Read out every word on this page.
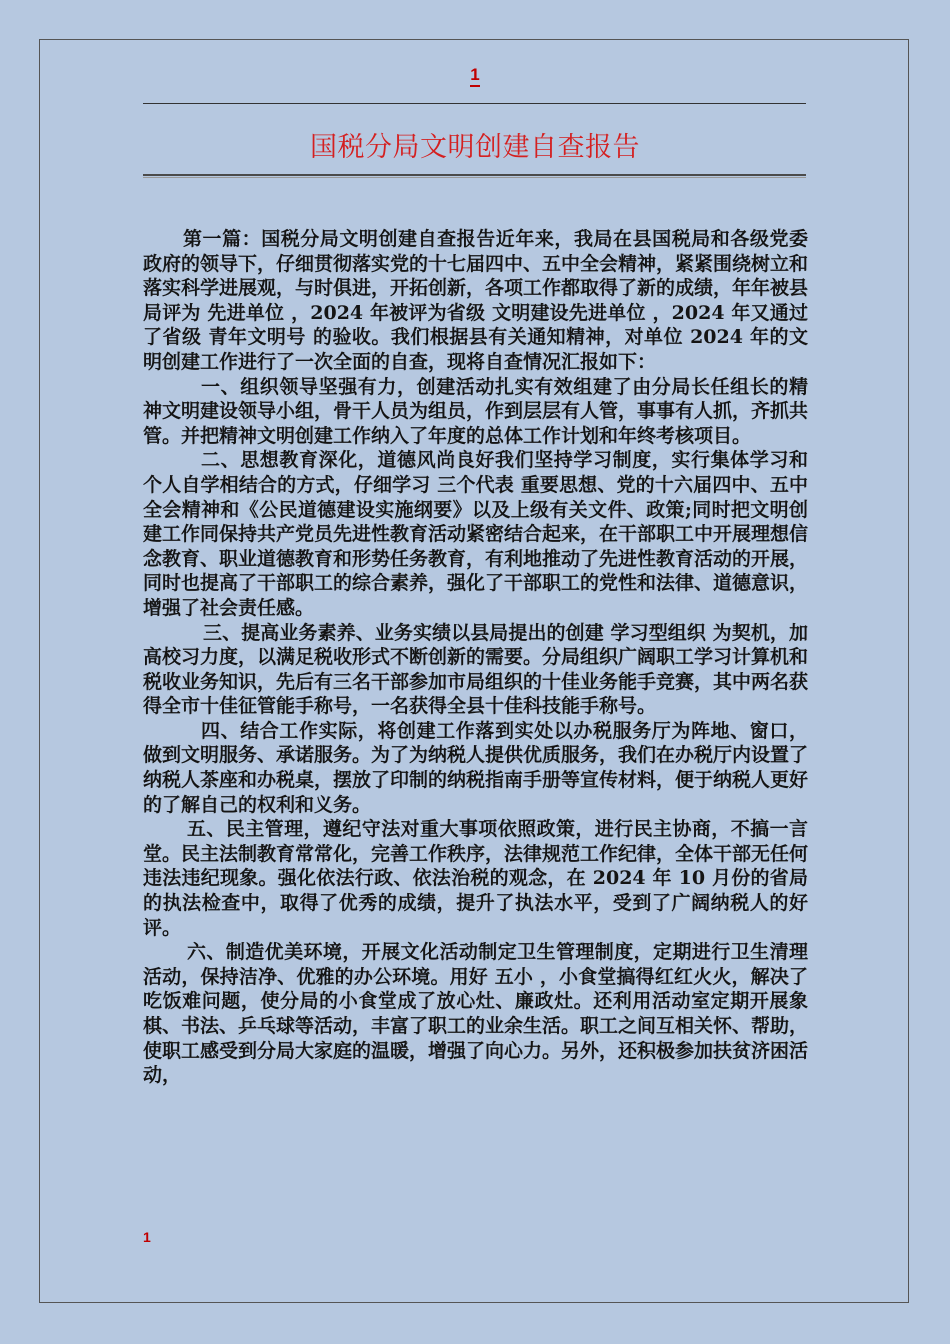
1
国税分局文明创建自查报告

第一篇：国税分局文明创建自查报告近年来，我局在县国税局和各级党委政府的领导下，仔细贯彻落实党的十七届四中、五中全会精神，紧紧围绕树立和落实科学进展观，与时俱进，开拓创新，各项工作都取得了新的成绩，年年被县局评为 先进单位 ，2024 年被评为省级 文明建设先进单位 ，2024 年又通过了省级 青年文明号 的验收。我们根据县有关通知精神，对单位 2024 年的文明创建工作进行了一次全面的自查，现将自查情况汇报如下：

一、组织领导坚强有力，创建活动扎实有效组建了由分局长任组长的精神文明建设领导小组，骨干人员为组员，作到层层有人管，事事有人抓，齐抓共管。并把精神文明创建工作纳入了年度的总体工作计划和年终考核项目。

二、思想教育深化，道德风尚良好我们坚持学习制度，实行集体学习和个人自学相结合的方式，仔细学习 三个代表 重要思想、党的十六届四中、五中全会精神和《公民道德建设实施纲要》以及上级有关文件、政策;同时把文明创建工作同保持共产党员先进性教育活动紧密结合起来，在干部职工中开展理想信念教育、职业道德教育和形势任务教育，有利地推动了先进性教育活动的开展，同时也提高了干部职工的综合素养，强化了干部职工的党性和法律、道德意识，增强了社会责任感。

三、提高业务素养、业务实绩以县局提出的创建 学习型组织 为契机，加高校习力度，以满足税收形式不断创新的需要。分局组织广阔职工学习计算机和税收业务知识，先后有三名干部参加市局组织的十佳业务能手竞赛，其中两名获得全市十佳征管能手称号，一名获得全县十佳科技能手称号。

四、结合工作实际，将创建工作落到实处以办税服务厅为阵地、窗口，做到文明服务、承诺服务。为了为纳税人提供优质服务，我们在办税厅内设置了纳税人茶座和办税桌，摆放了印制的纳税指南手册等宣传材料，便于纳税人更好的了解自己的权利和义务。

五、民主管理，遵纪守法对重大事项依照政策，进行民主协商，不搞一言堂。民主法制教育常常化，完善工作秩序，法律规范工作纪律，全体干部无任何违法违纪现象。强化依法行政、依法治税的观念，在 2024 年 10 月份的省局的执法检查中，取得了优秀的成绩，提升了执法水平，受到了广阔纳税人的好评。

六、制造优美环境，开展文化活动制定卫生管理制度，定期进行卫生清理活动，保持洁净、优雅的办公环境。用好 五小 ，小食堂搞得红红火火，解决了吃饭难问题，使分局的小食堂成了放心灶、廉政灶。还利用活动室定期开展象棋、书法、乒乓球等活动，丰富了职工的业余生活。职工之间互相关怀、帮助，使职工感受到分局大家庭的温暖，增强了向心力。另外，还积极参加扶贫济困活动，

1
